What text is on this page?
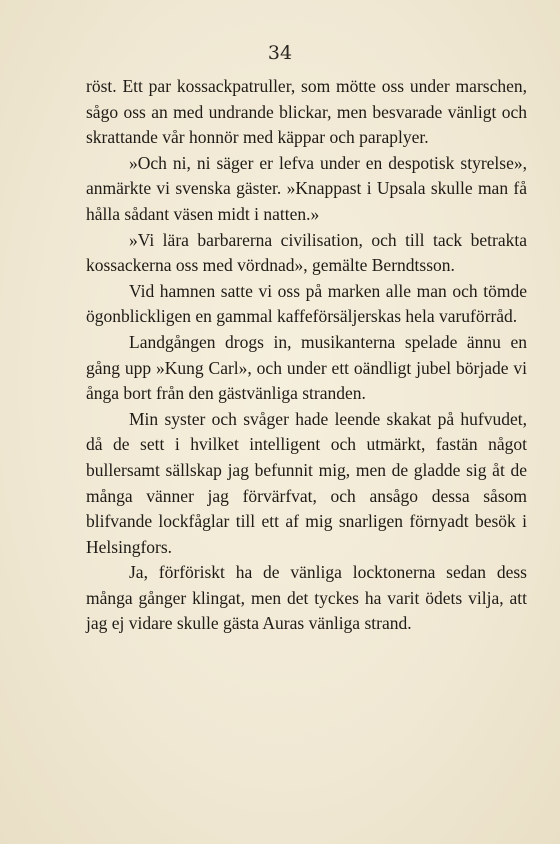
34

röst. Ett par kossackpatruller, som mötte oss under marschen, sågo oss an med undrande blickar, men besvarade vänligt och skrattande vår honnör med käppar och paraplyer.

»Och ni, ni säger er lefva under en despotisk styrelse», anmärkte vi svenska gäster. »Knappast i Upsala skulle man få hålla sådant väsen midt i natten.»

»Vi lära barbarerna civilisation, och till tack betrakta kossackerna oss med vördnad», gemälte Berndtsson.

Vid hamnen satte vi oss på marken alle man och tömde ögonblickligen en gammal kaffeförsäljerskas hela varuförråd.

Landgången drogs in, musikanterna spelade ännu en gång upp »Kung Carl», och under ett oändligt jubel började vi ånga bort från den gästvänliga stranden.

Min syster och svåger hade leende skakat på hufvudet, då de sett i hvilket intelligent och utmärkt, fastän något bullersamt sällskap jag befunnit mig, men de gladde sig åt de många vänner jag förvärfvat, och ansågo dessa såsom blifvande lockfåglar till ett af mig snarligen förnyadt besök i Helsingfors.

Ja, förföriskt ha de vänliga locktonerna sedan dess många gånger klingat, men det tyckes ha varit ödets vilja, att jag ej vidare skulle gästa Auras vänliga strand.
